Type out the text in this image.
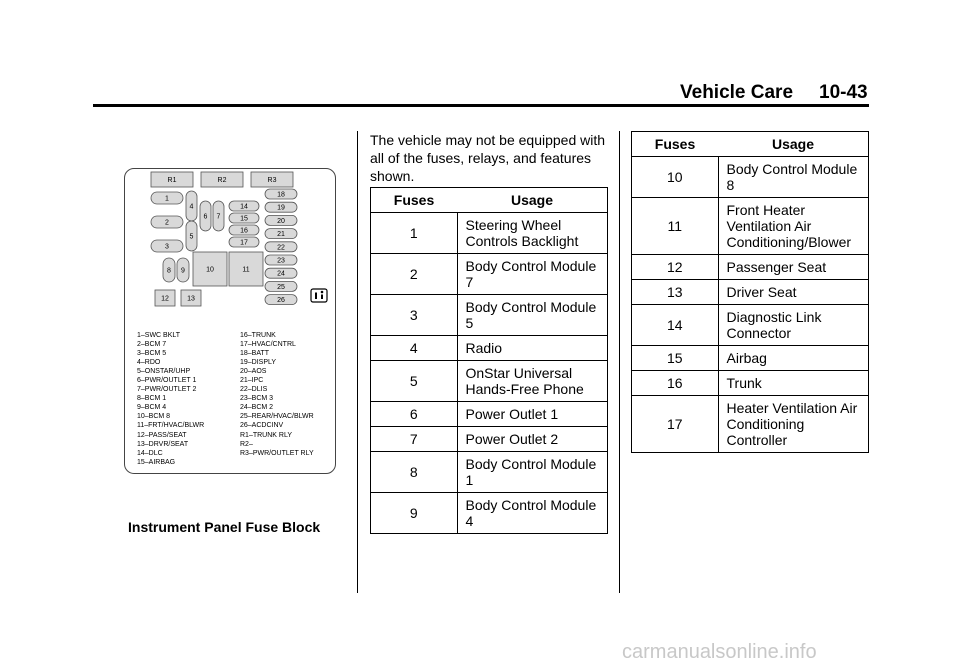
Vehicle Care 10-43
R1	R2	R3
1
2
3
4
5
6 7
14
15
16
17
18
19
20
21
22
23
24
25
26
8 9	10	11
12	13
1–SWC BKLT
2–BCM 7
3–BCM 5
4–RDO
5–ONSTAR/UHP
6–PWR/OUTLET 1
7–PWR/OUTLET 2
8–BCM 1
9–BCM 4
10–BCM 8
11–FRT/HVAC/BLWR
12–PASS/SEAT
13–DRVR/SEAT
14–DLC
15–AIRBAG
16–TRUNK
17–HVAC/CNTRL
18–BATT
19–DISPLY
20–AOS
21–IPC
22–DLIS
23–BCM 3
24–BCM 2
25–REAR/HVAC/BLWR
26–ACDCINV
R1–TRUNK RLY
R2–
R3–PWR/OUTLET RLY
Instrument Panel Fuse Block
The vehicle may not be equipped with all of the fuses, relays, and features shown.
Fuses	Usage
1	Steering Wheel Controls Backlight
2	Body Control Module 7
3	Body Control Module 5
4	Radio
5	OnStar Universal Hands-Free Phone
6	Power Outlet 1
7	Power Outlet 2
8	Body Control Module 1
9	Body Control Module 4
Fuses	Usage
10	Body Control Module 8
11	Front Heater Ventilation Air Conditioning/Blower
12	Passenger Seat
13	Driver Seat
14	Diagnostic Link Connector
15	Airbag
16	Trunk
17	Heater Ventilation Air Conditioning Controller
carmanualsonline.info
